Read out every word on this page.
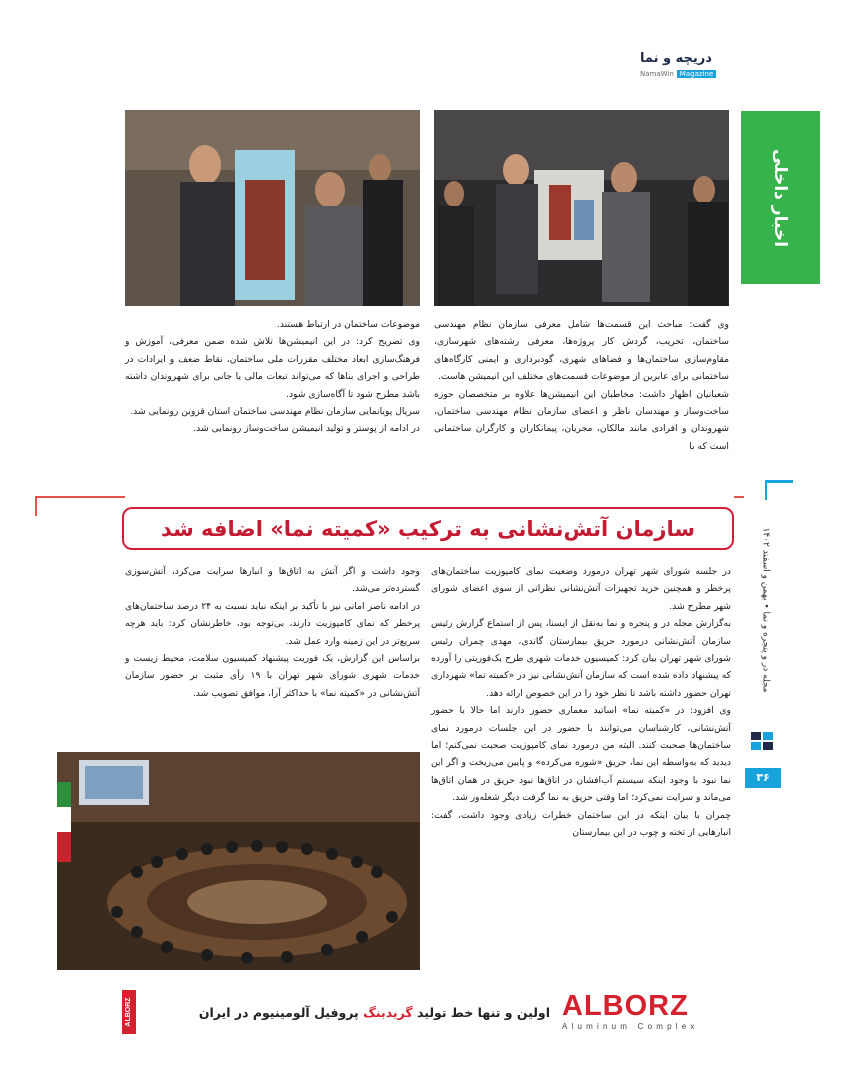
دریچه و نما
NamaWin Magazine
اخبار داخلی
مجله در و پنجره و نما • بهمن و اسفند ۱۴۰۲
۳۶

وی گفت: مباحث این قسمت‌ها شامل معرفی سازمان نظام مهندسی ساختمان، تخریب، گردش کار پروژه‌ها، معرفی رشته‌های شهرسازی، مقاوم‌سازی ساختمان‌ها و فضاهای شهری، گودبرداری و ایمنی کارگاه‌های ساختمانی برای عابرین از موضوعات قسمت‌های مختلف این انیمیشن هاست.

شعبانیان اظهار داشت: مخاطبان این انیمیشن‌ها علاوه بر متخصصان حوزه ساخت‌وساز و مهندسان ناظر و اعضای سازمان نظام مهندسی ساختمان، شهروندان و افرادی مانند مالکان، مجریان، پیمانکاران و کارگران ساختمانی است که با

موضوعات ساختمان در ارتباط هستند.

وی تصریح کرد: در این انیمیشن‌ها تلاش شده ضمن معرفی، آموزش و فرهنگ‌سازی ابعاد مختلف مقررات ملی ساختمان، نقاط ضعف و ایرادات در طراحی و اجرای بناها که می‌تواند تبعات مالی یا جانی برای شهروندان داشته باشد مطرح شود تا آگاه‌سازی شود.

سریال پویانمایی سازمان نظام مهندسی ساختمان استان قزوین رونمایی شد.

در ادامه از پوستر و تولید انیمیشن ساخت‌وساز رونمایی شد.

سازمان آتش‌نشانی به ترکیب «کمیته نما» اضافه شد

در جلسه شورای شهر تهران درمورد وضعیت نمای کامپوزیت ساختمان‌های پرخطر و همچنین خرید تجهیزات آتش‌نشانی نظراتی از سوی اعضای شورای شهر مطرح شد.

به‌گزارش مجله در و پنجره و نما به‌نقل از ایسنا، پس از استماع گزارش رئیس سازمان آتش‌نشانی درمورد حریق بیمارستان گاندی، مهدی چمران رئیس شورای شهر تهران بیان کرد: کمیسیون خدمات شهری طرح یک‌فوریتی را آورده که پیشنهاد داده شده است که سازمان آتش‌نشانی نیز در «کمیته نما» شهرداری تهران حضور داشته باشد تا نظر خود را در این خصوص ارائه دهد.

وی افزود: در «کمیته نما» اساتید معماری حضور دارند اما حالا با حضور آتش‌نشانی، کارشناسان می‌توانند با حضور در این جلسات درمورد نمای ساختمان‌ها صحبت کنند. البته من درمورد نمای کامپوزیت صحبت نمی‌کنم؛ اما دیدید که به‌واسطه این نما، حریق «شوره می‌کرده» و پایین می‌ریخت و اگر این نما نبود با وجود اینکه سیستم آب‌افشان در اتاق‌ها نبود حریق در همان اتاق‌ها می‌ماند و سرایت نمی‌کرد؛ اما وقتی حریق به نما گرفت دیگر شعله‌ور شد.

چمران با بیان اینکه در این ساختمان خطرات زیادی وجود داشت، گفت: انبارهایی از تخته و چوب در این بیمارستان

وجود داشت و اگر آتش به اتاق‌ها و انبارها سرایت می‌کرد، آتش‌سوزی گسترده‌تر می‌شد.

در ادامه ناصر امانی نیز با تأکید بر اینکه نباید نسبت به ۲۴ درصد ساختمان‌های پرخطر که نمای کامپوزیت دارند، بی‌توجه بود، خاطرنشان کرد: باید هرچه سریع‌تر در این زمینه وارد عمل شد.

براساس این گزارش، یک فوریت پیشنهاد کمیسیون سلامت، محیط زیست و خدمات شهری شورای شهر تهران با ۱۹ رأی مثبت بر حضور سازمان آتش‌نشانی در «کمیته نما» با حداکثر آرا، موافق تصویب شد.

ALBORZ	اولین و تنها خط تولید گریدبنگ پروفیل آلومینیوم در ایران	ALBORZ
Aluminum Complex
